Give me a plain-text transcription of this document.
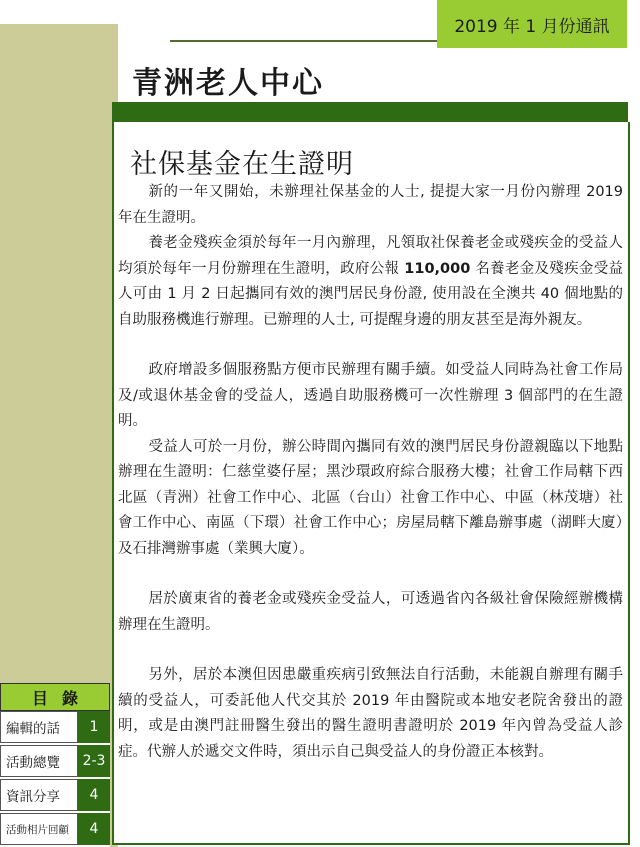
2019 年 1 月份通訊
青洲老人中心
社保基金在生證明

新的一年又開始，未辦理社保基金的人士, 提提大家一月份內辦理 2019 年在生證明。

養老金殘疾金須於每年一月內辦理，凡領取社保養老金或殘疾金的受益人均須於每年一月份辦理在生證明，政府公報 110,000 名養老金及殘疾金受益人可由 1 月 2 日起攜同有效的澳門居民身份證, 使用設在全澳共 40 個地點的自助服務機進行辦理。已辦理的人士, 可提醒身邊的朋友甚至是海外親友。

政府增設多個服務點方便市民辦理有關手續。如受益人同時為社會工作局及/或退休基金會的受益人，透過自助服務機可一次性辦理 3 個部門的在生證明。

受益人可於一月份，辦公時間內攜同有效的澳門居民身份證親臨以下地點辦理在生證明：仁慈堂婆仔屋；黑沙環政府綜合服務大樓；社會工作局轄下西北區（青洲）社會工作中心、北區（台山）社會工作中心、中區（林茂塘）社會工作中心、南區（下環）社會工作中心；房屋局轄下離島辦事處（湖畔大廈）及石排灣辦事處（業興大廈）。

居於廣東省的養老金或殘疾金受益人，可透過省內各級社會保險經辦機構辦理在生證明。

另外，居於本澳但因患嚴重疾病引致無法自行活動，未能親自辦理有關手續的受益人，可委託他人代交其於 2019 年由醫院或本地安老院舍發出的證明，或是由澳門註冊醫生發出的醫生證明書證明於 2019 年內曾為受益人診症。代辦人於遞交文件時，須出示自己與受益人的身份證正本核對。

目錄
編輯的話	1
活動總覽	2-3
資訊分享	4
活動相片回顧	4
